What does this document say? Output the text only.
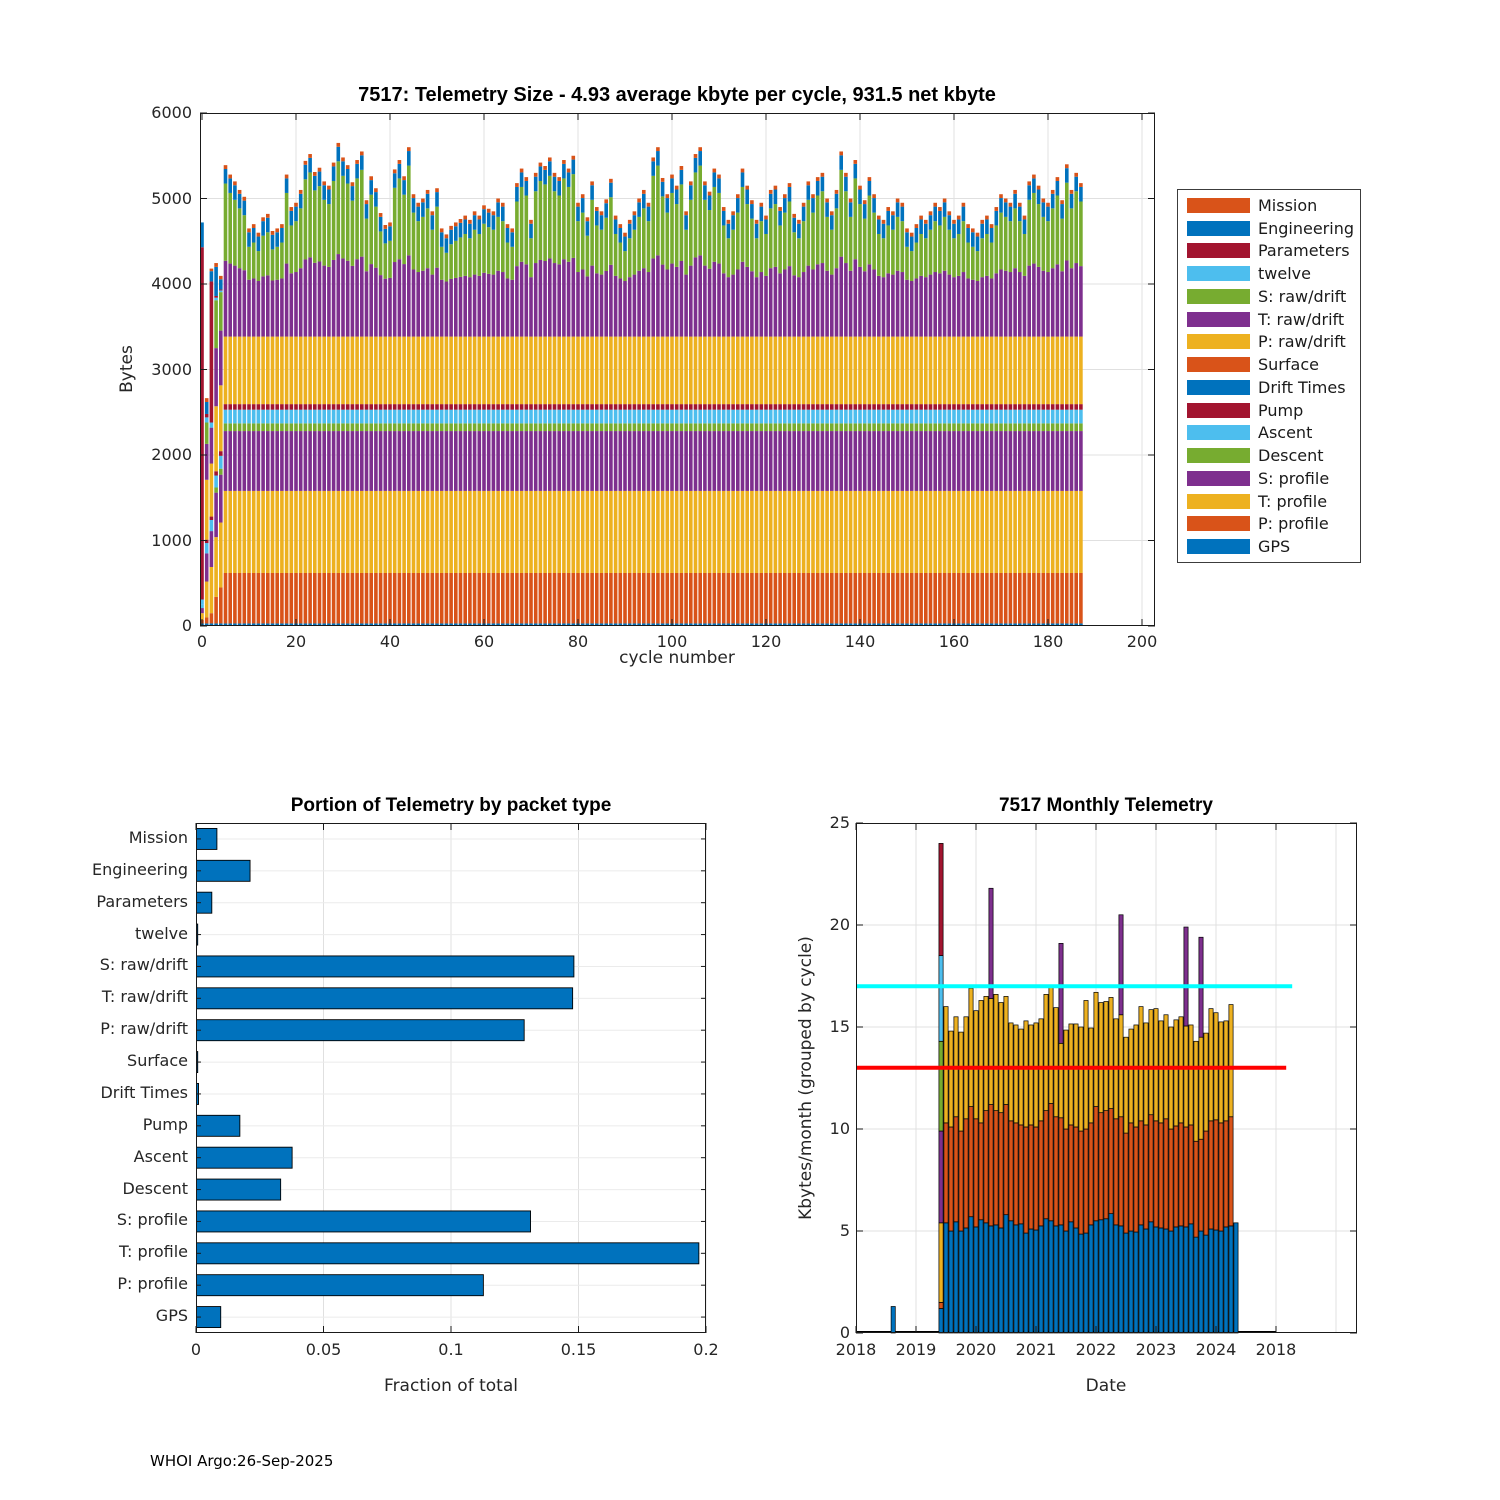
7517: Telemetry Size - 4.93 average kbyte per cycle, 931.5 net kbyte
Bytes
cycle number
Mission
Engineering
Parameters
twelve
S: raw/drift
T: raw/drift
P: raw/drift
Surface
Drift Times
Pump
Ascent
Descent
S: profile
T: profile
P: profile
GPS
Portion of Telemetry by packet type
Fraction of total
7517 Monthly Telemetry
Kbytes/month (grouped by cycle)
Date
0	20	40	60	80	100	120	140	160	180	200
0
1000
2000
3000
4000
5000
6000
0	0.05	0.1	0.15	0.2
Mission
Engineering
Parameters
twelve
S: raw/drift
T: raw/drift
P: raw/drift
Surface
Drift Times
Pump
Ascent
Descent
S: profile
T: profile
P: profile
GPS
2018	2019	2020	2021	2022	2023	2024	2018
0
5
10
15
20
25
WHOI Argo:26-Sep-2025
